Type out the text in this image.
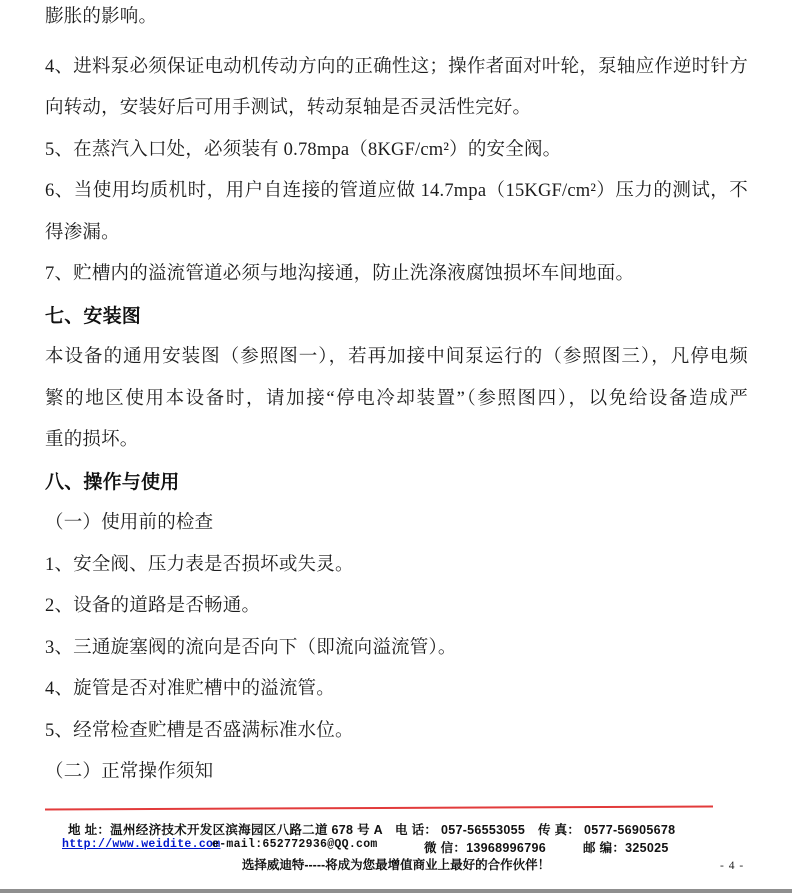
膨胀的影响。
4、进料泵必须保证电动机传动方向的正确性这；操作者面对叶轮，泵轴应作逆时针方
向转动，安装好后可用手测试，转动泵轴是否灵活性完好。
5、在蒸汽入口处，必须装有 0.78mpa（8KGF/cm²）的安全阀。
6、当使用均质机时，用户自连接的管道应做 14.7mpa（15KGF/cm²）压力的测试，不
得渗漏。
7、贮槽内的溢流管道必须与地沟接通，防止洗涤液腐蚀损坏车间地面。
七、安装图
本设备的通用安装图（参照图一），若再加接中间泵运行的（参照图三），凡停电频
繁的地区使用本设备时，请加接“停电冷却装置”（参照图四），以免给设备造成严
重的损坏。
八、操作与使用
（一）使用前的检查
1、安全阀、压力表是否损坏或失灵。
2、设备的道路是否畅通。
3、三通旋塞阀的流向是否向下（即流向溢流管）。
4、旋管是否对准贮槽中的溢流管。
5、经常检查贮槽是否盛满标准水位。
（二）正常操作须知
地 址：温州经济技术开发区滨海园区八路二道 678 号 A 电 话： 057-56553055 传 真： 0577-56905678
http://www.weidite.com
e-mail:652772936@QQ.com	微 信：13968996796	邮 编：325025
选择威迪特-----将成为您最增值商业上最好的合作伙伴！	- 4 -
